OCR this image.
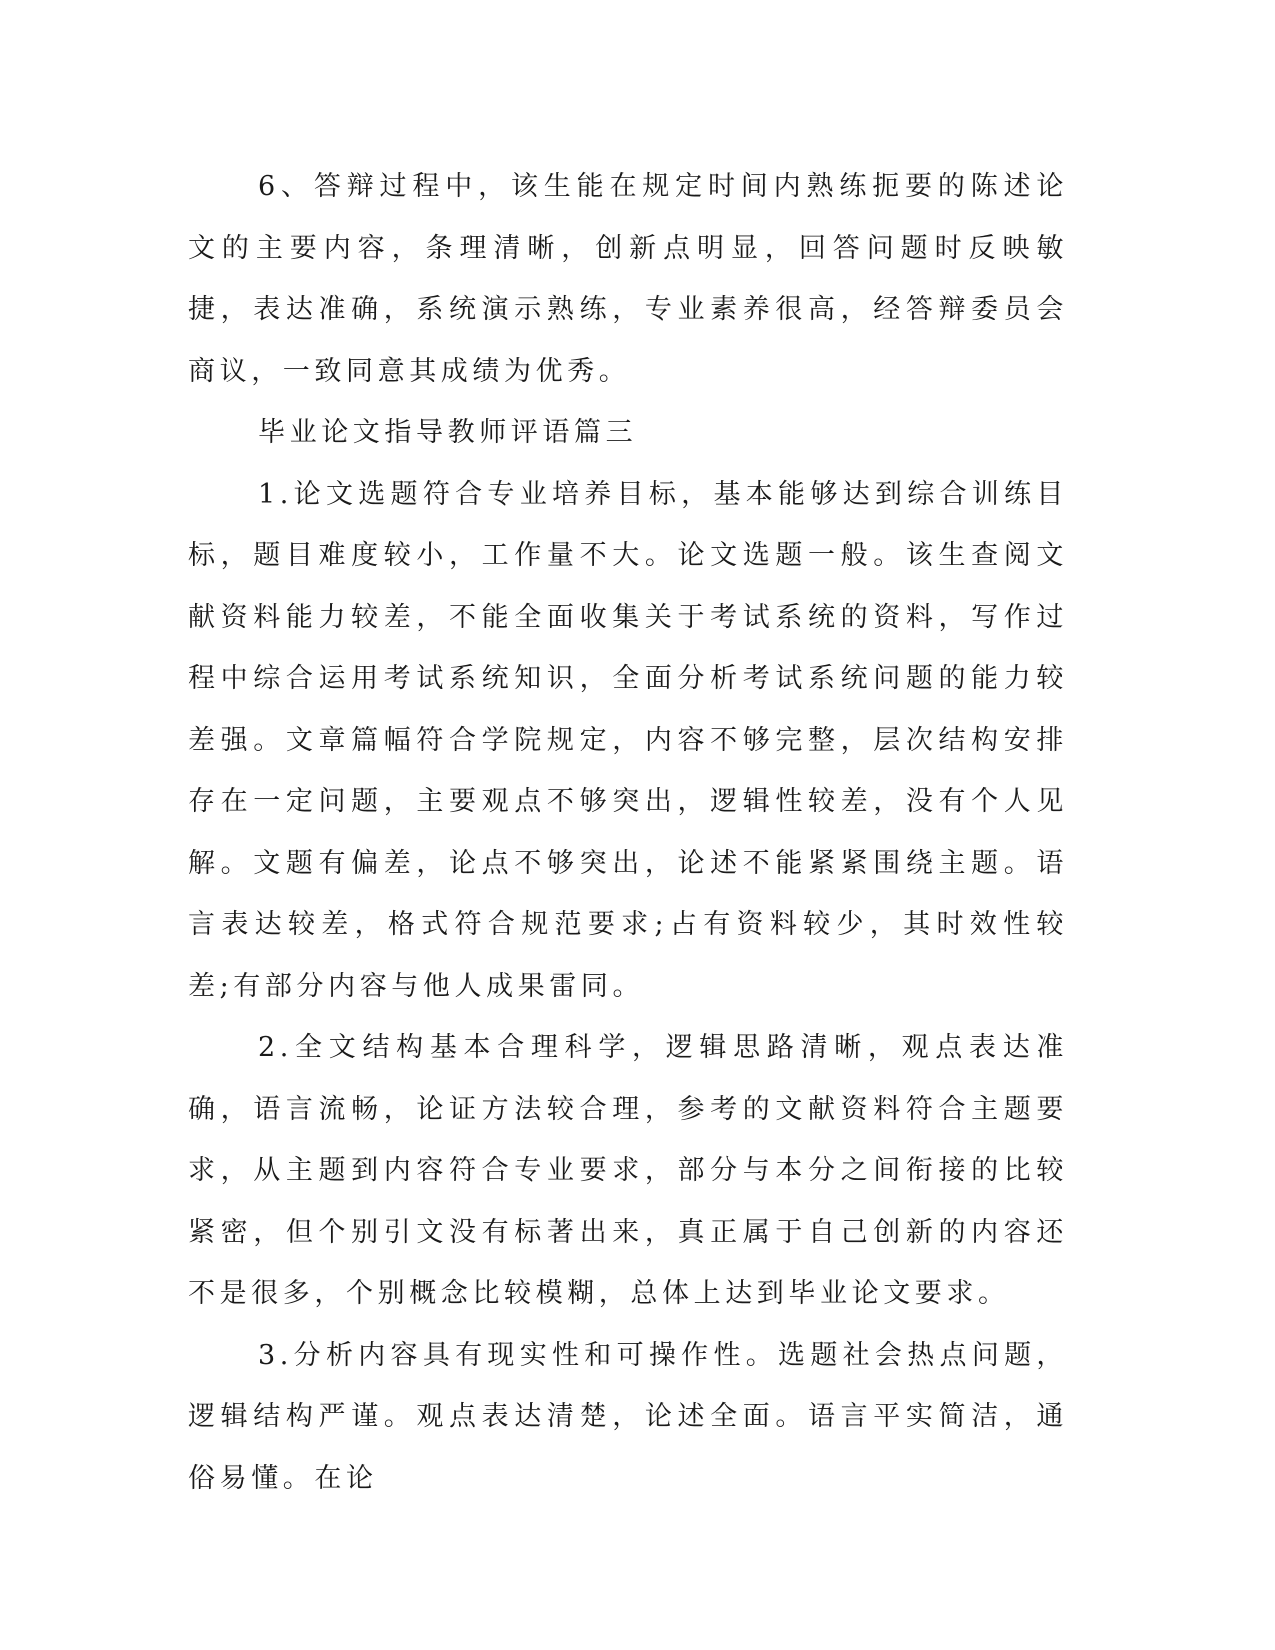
6、答辩过程中，该生能在规定时间内熟练扼要的陈述论文的主要内容，条理清晰，创新点明显，回答问题时反映敏捷，表达准确，系统演示熟练，专业素养很高，经答辩委员会商议，一致同意其成绩为优秀。

毕业论文指导教师评语篇三

1.论文选题符合专业培养目标，基本能够达到综合训练目标，题目难度较小，工作量不大。论文选题一般。该生查阅文献资料能力较差，不能全面收集关于考试系统的资料，写作过程中综合运用考试系统知识，全面分析考试系统问题的能力较差强。文章篇幅符合学院规定，内容不够完整，层次结构安排存在一定问题，主要观点不够突出，逻辑性较差，没有个人见解。文题有偏差，论点不够突出，论述不能紧紧围绕主题。语言表达较差，格式符合规范要求;占有资料较少，其时效性较差;有部分内容与他人成果雷同。

2.全文结构基本合理科学，逻辑思路清晰，观点表达准确，语言流畅，论证方法较合理，参考的文献资料符合主题要求，从主题到内容符合专业要求，部分与本分之间衔接的比较紧密，但个别引文没有标著出来，真正属于自己创新的内容还不是很多，个别概念比较模糊，总体上达到毕业论文要求。

3.分析内容具有现实性和可操作性。选题社会热点问题，逻辑结构严谨。观点表达清楚，论述全面。语言平实简洁，通俗易懂。在论
